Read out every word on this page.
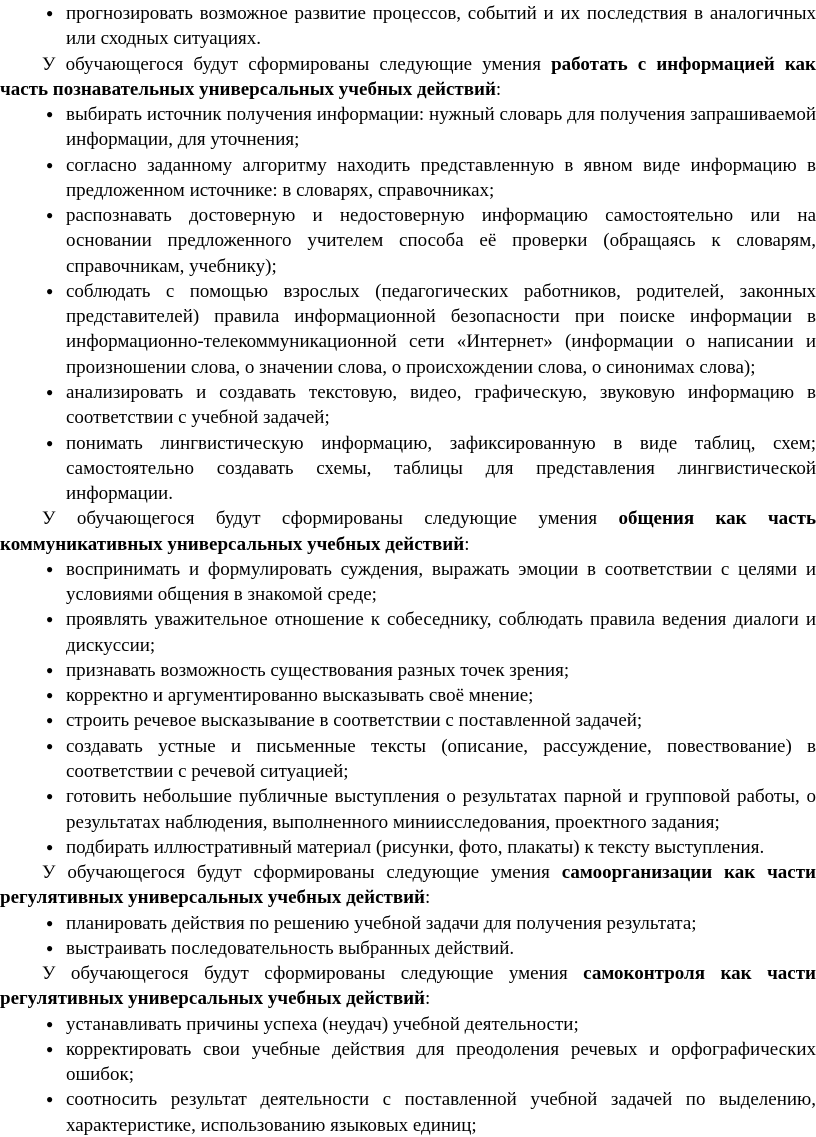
● прогнозировать возможное развитие процессов, событий и их последствия в аналогичных или сходных ситуациях.

У обучающегося будут сформированы следующие умения работать с информацией как часть познавательных универсальных учебных действий:

● выбирать источник получения информации: нужный словарь для получения запрашиваемой информации, для уточнения;
● согласно заданному алгоритму находить представленную в явном виде информацию в предложенном источнике: в словарях, справочниках;
● распознавать достоверную и недостоверную информацию самостоятельно или на основании предложенного учителем способа её проверки (обращаясь к словарям, справочникам, учебнику);
● соблюдать с помощью взрослых (педагогических работников, родителей, законных представителей) правила информационной безопасности при поиске информации в информационно-телекоммуникационной сети «Интернет» (информации о написании и произношении слова, о значении слова, о происхождении слова, о синонимах слова);
● анализировать и создавать текстовую, видео, графическую, звуковую информацию в соответствии с учебной задачей;
● понимать лингвистическую информацию, зафиксированную в виде таблиц, схем; самостоятельно создавать схемы, таблицы для представления лингвистической информации.

У обучающегося будут сформированы следующие умения общения как часть коммуникативных универсальных учебных действий:

● воспринимать и формулировать суждения, выражать эмоции в соответствии с целями и условиями общения в знакомой среде;
● проявлять уважительное отношение к собеседнику, соблюдать правила ведения диалоги и дискуссии;
● признавать возможность существования разных точек зрения;
● корректно и аргументированно высказывать своё мнение;
● строить речевое высказывание в соответствии с поставленной задачей;
● создавать устные и письменные тексты (описание, рассуждение, повествование) в соответствии с речевой ситуацией;
● готовить небольшие публичные выступления о результатах парной и групповой работы, о результатах наблюдения, выполненного миниисследования, проектного задания;
● подбирать иллюстративный материал (рисунки, фото, плакаты) к тексту выступления.

У обучающегося будут сформированы следующие умения самоорганизации как части регулятивных универсальных учебных действий:

● планировать действия по решению учебной задачи для получения результата;
● выстраивать последовательность выбранных действий.

У обучающегося будут сформированы следующие умения самоконтроля как части регулятивных универсальных учебных действий:

● устанавливать причины успеха (неудач) учебной деятельности;
● корректировать свои учебные действия для преодоления речевых и орфографических ошибок;
● соотносить результат деятельности с поставленной учебной задачей по выделению, характеристике, использованию языковых единиц;
